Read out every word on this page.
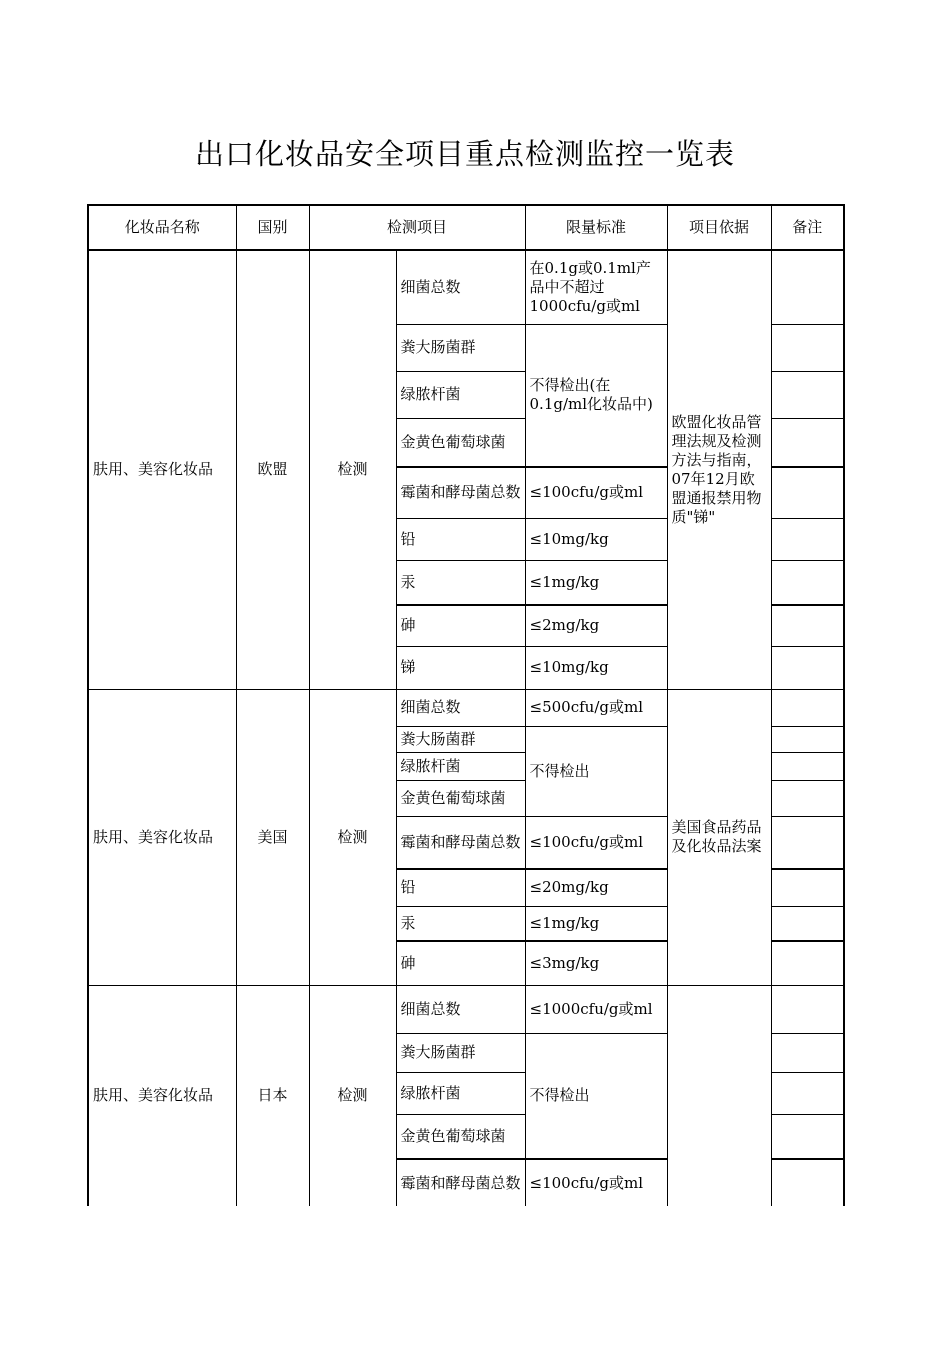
出口化妆品安全项目重点检测监控一览表
化妆品名称	国别	检测项目		限量标准	项目依据	备注
肤用、美容化妆品	欧盟	检测	细菌总数	在0.1g或0.1ml产品中不超过1000cfu/g或ml	欧盟化妆品管理法规及检测方法与指南，07年12月欧盟通报禁用物质"锑"	
			粪大肠菌群	不得检出(在0.1g/ml化妆品中)		
			绿脓杆菌			
			金黄色葡萄球菌			
			霉菌和酵母菌总数	≤100cfu/g或ml		
			铅	≤10mg/kg		
			汞	≤1mg/kg		
			砷	≤2mg/kg		
			锑	≤10mg/kg		
肤用、美容化妆品	美国	检测	细菌总数	≤500cfu/g或ml	美国食品药品及化妆品法案	
			粪大肠菌群	不得检出		
			绿脓杆菌			
			金黄色葡萄球菌			
			霉菌和酵母菌总数	≤100cfu/g或ml		
			铅	≤20mg/kg		
			汞	≤1mg/kg		
			砷	≤3mg/kg		
肤用、美容化妆品	日本	检测	细菌总数	≤1000cfu/g或ml		
			粪大肠菌群	不得检出		
			绿脓杆菌			
			金黄色葡萄球菌			
			霉菌和酵母菌总数	≤100cfu/g或ml		
